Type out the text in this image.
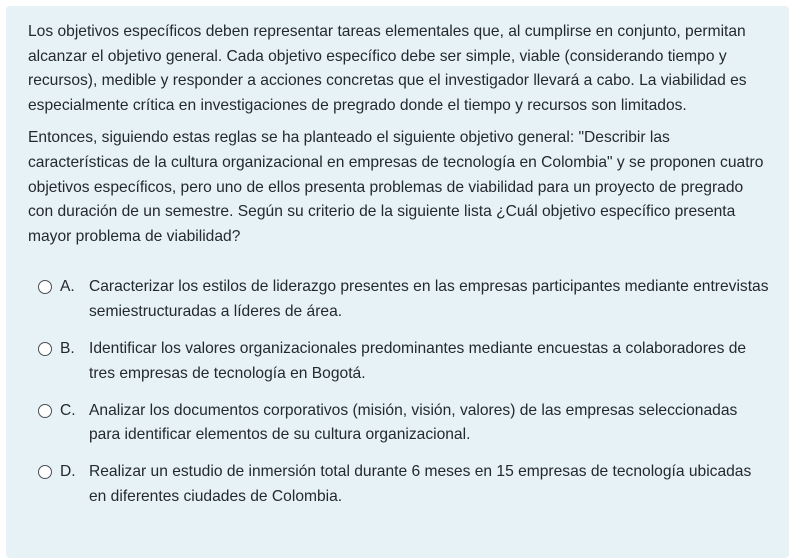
Los objetivos específicos deben representar tareas elementales que, al cumplirse en conjunto, permitan alcanzar el objetivo general. Cada objetivo específico debe ser simple, viable (considerando tiempo y recursos), medible y responder a acciones concretas que el investigador llevará a cabo. La viabilidad es especialmente crítica en investigaciones de pregrado donde el tiempo y recursos son limitados.

Entonces, siguiendo estas reglas se ha planteado el siguiente objetivo general: "Describir las características de la cultura organizacional en empresas de tecnología en Colombia" y se proponen cuatro objetivos específicos, pero uno de ellos presenta problemas de viabilidad para un proyecto de pregrado con duración de un semestre. Según su criterio de la siguiente lista ¿Cuál objetivo específico presenta mayor problema de viabilidad?

A. Caracterizar los estilos de liderazgo presentes en las empresas participantes mediante entrevistas semiestructuradas a líderes de área.
B. Identificar los valores organizacionales predominantes mediante encuestas a colaboradores de tres empresas de tecnología en Bogotá.
C. Analizar los documentos corporativos (misión, visión, valores) de las empresas seleccionadas para identificar elementos de su cultura organizacional.
D. Realizar un estudio de inmersión total durante 6 meses en 15 empresas de tecnología ubicadas en diferentes ciudades de Colombia.
